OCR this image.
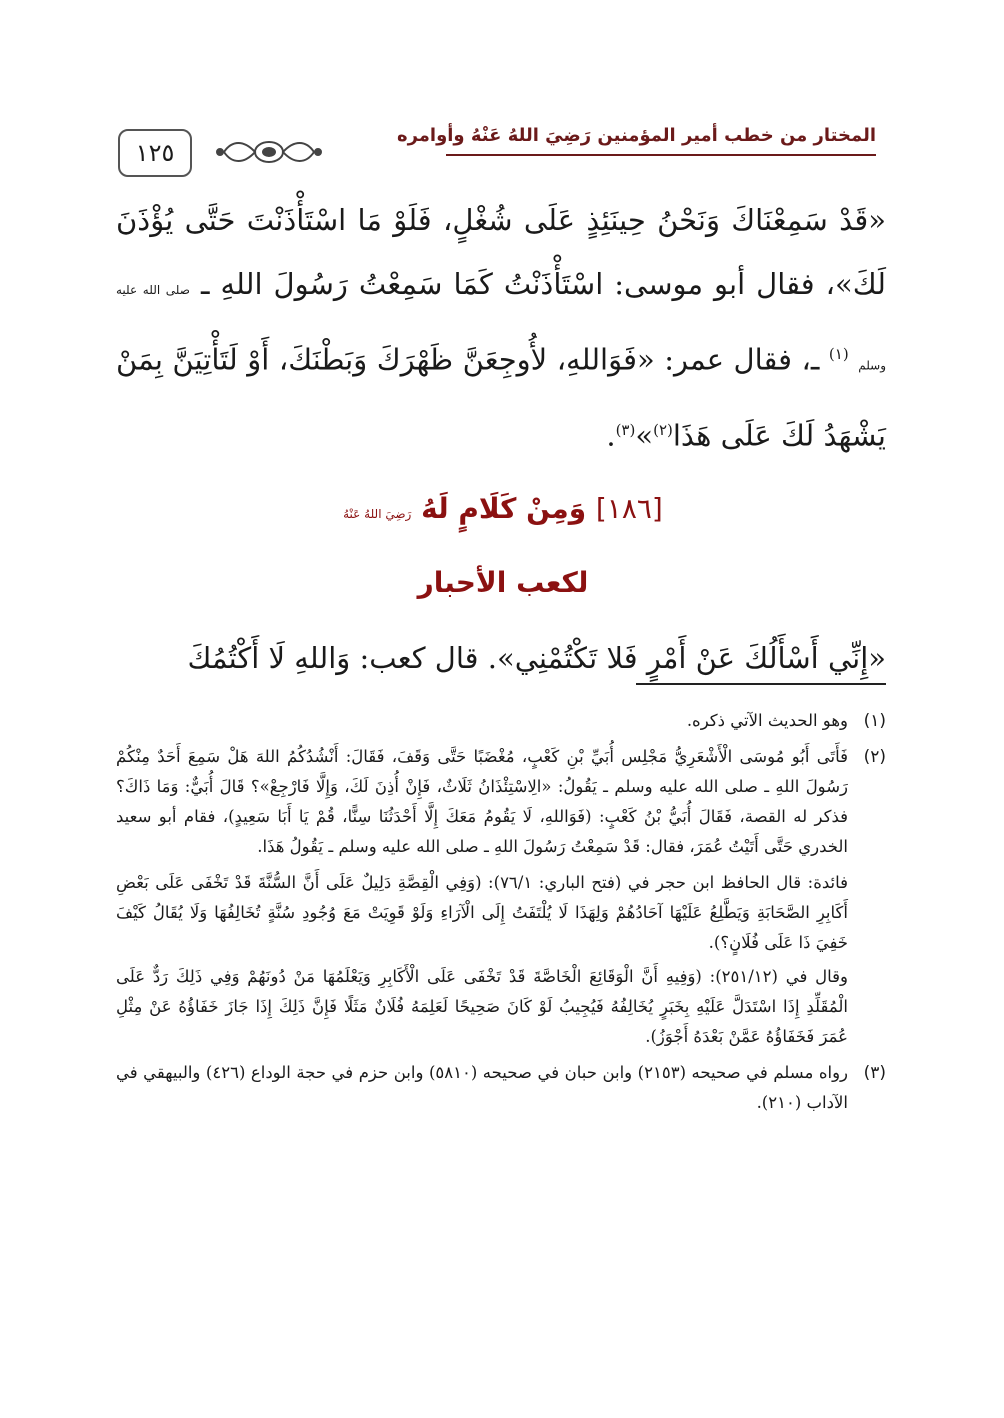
١٢٥
المختار من خطب أمير المؤمنين رَضِيَ اللهُ عَنْهُ وأوامره

«قَدْ سَمِعْنَاكَ وَنَحْنُ حِينَئِذٍ عَلَى شُغْلٍ، فَلَوْ مَا اسْتَأْذَنْتَ حَتَّى يُؤْذَنَ لَكَ»، فقال أبو موسى: اسْتَأْذَنْتُ كَمَا سَمِعْتُ رَسُولَ اللهِ ـ صلى الله عليه وسلم $^{(١)}$ ـ، فقال عمر: «فَوَاللهِ، لأُوجِعَنَّ ظَهْرَكَ وَبَطْنَكَ، أَوْ لَتَأْتِيَنَّ بِمَنْ يَشْهَدُ لَكَ عَلَى هَذَا$^{(٢)}$»$^{(٣)}$.

[١٨٦] وَمِنْ كَلَامٍ لَهُ رَضِيَ اللهُ عَنْهُ
لكعب الأحبار
«إِنِّي أَسْأَلُكَ عَنْ أَمْرٍ فَلا تَكْتُمْنِي». قال كعب: وَاللهِ لَا أَكْتُمُكَ
(١)

وهو الحديث الآتي ذكره.

(٢)

فَأَتَى أَبُو مُوسَى الْأَشْعَرِيُّ مَجْلِس أُبَيِّ بْنِ كَعْبٍ، مُغْضَبًا حَتَّى وَقَفَ، فَقَالَ: أَنْشُدُكُمُ اللهَ هَلْ سَمِعَ أَحَدٌ مِنْكُمْ رَسُولَ اللهِ ـ صلى الله عليه وسلم ـ يَقُولُ: «الِاسْتِئْذَانُ ثَلَاثٌ، فَإِنْ أُذِنَ لَكَ، وَإِلَّا فَارْجِعْ»؟ قَالَ أُبَيٌّ: وَمَا ذَاكَ؟ فذكر له القصة، فَقَالَ أُبَيُّ بْنُ كَعْبٍ: (فَوَاللهِ، لَا يَقُومُ مَعَكَ إِلَّا أَحْدَثُنَا سِنًّا، قُمْ يَا أَبَا سَعِيدٍ)، فقام أبو سعيد الخدري حَتَّى أَتَيْتُ عُمَرَ، فقال: قَدْ سَمِعْتُ رَسُولَ اللهِ ـ صلى الله عليه وسلم ـ يَقُولُ هَذَا.

فائدة: قال الحافظ ابن حجر في (فتح الباري: ٧٦/١): (وَفِي الْقِصَّةِ دَلِيلٌ عَلَى أَنَّ السُّنَّةَ قَدْ تَخْفَى عَلَى بَعْضِ أَكَابِرِ الصَّحَابَةِ وَيَطَّلِعُ عَلَيْهَا آحَادُهُمْ وَلِهَذَا لَا يُلْتَفَتُ إِلَى الْآرَاءِ وَلَوْ قَوِيَتْ مَعَ وُجُودِ سُنَّةٍ تُخَالِفُهَا وَلَا يُقَالُ كَيْفَ خَفِيَ ذَا عَلَى فُلَانٍ؟).

وقال في (٢٥١/١٢): (وَفِيهِ أَنَّ الْوَقَائِعَ الْخَاصَّةَ قَدْ تَخْفَى عَلَى الْأَكَابِرِ وَيَعْلَمُهَا مَنْ دُونَهُمْ وَفِي ذَلِكَ رَدٌّ عَلَى الْمُقَلِّدِ إِذَا اسْتَدَلَّ عَلَيْهِ بِخَبَرٍ يُخَالِفُهُ فَيُجِيبُ لَوْ كَانَ صَحِيحًا لَعَلِمَهُ فُلَانٌ مَثَلًا فَإِنَّ ذَلِكَ إِذَا جَازَ خَفَاؤُهُ عَنْ مِثْلِ عُمَرَ فَخَفَاؤُهُ عَمَّنْ بَعْدَهُ أَجْوَزُ).

(٣)

رواه مسلم في صحيحه (٢١٥٣) وابن حبان في صحيحه (٥٨١٠) وابن حزم في حجة الوداع (٤٢٦) والبيهقي في الآداب (٢١٠).
